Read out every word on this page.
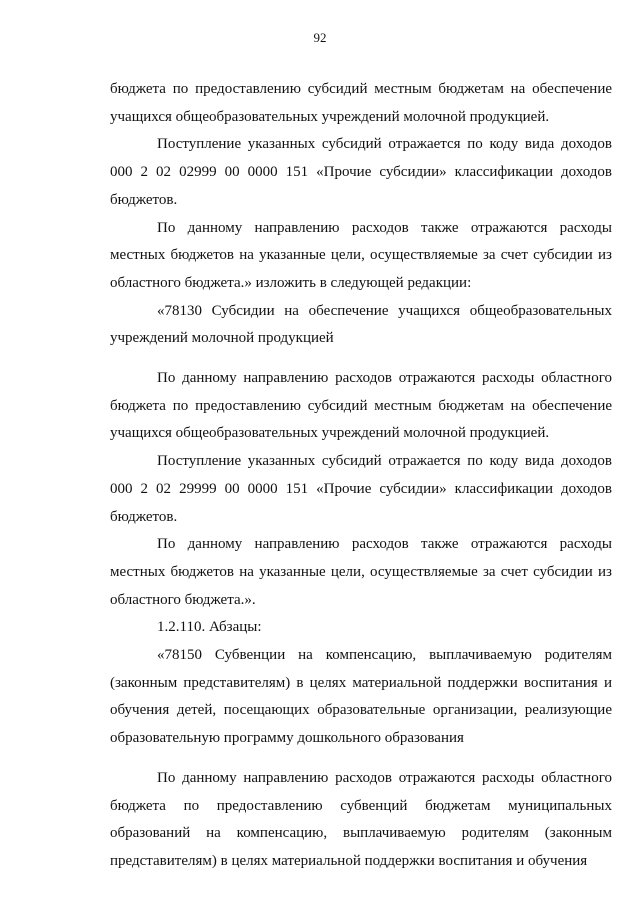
92

бюджета по предоставлению субсидий местным бюджетам на обеспечение учащихся общеобразовательных учреждений молочной продукцией.

Поступление указанных субсидий отражается по коду вида доходов 000 2 02 02999 00 0000 151 «Прочие субсидии» классификации доходов бюджетов.

По данному направлению расходов также отражаются расходы местных бюджетов на указанные цели, осуществляемые за счет субсидии из областного бюджета.» изложить в следующей редакции:

«78130 Субсидии на обеспечение учащихся общеобразовательных учреждений молочной продукцией

По данному направлению расходов отражаются расходы областного бюджета по предоставлению субсидий местным бюджетам на обеспечение учащихся общеобразовательных учреждений молочной продукцией.

Поступление указанных субсидий отражается по коду вида доходов 000 2 02 29999 00 0000 151 «Прочие субсидии» классификации доходов бюджетов.

По данному направлению расходов также отражаются расходы местных бюджетов на указанные цели, осуществляемые за счет субсидии из областного бюджета.».

1.2.110. Абзацы:

«78150 Субвенции на компенсацию, выплачиваемую родителям (законным представителям) в целях материальной поддержки воспитания и обучения детей, посещающих образовательные организации, реализующие образовательную программу дошкольного образования

По данному направлению расходов отражаются расходы областного бюджета по предоставлению субвенций бюджетам муниципальных образований на компенсацию, выплачиваемую родителям (законным представителям) в целях материальной поддержки воспитания и обучения
